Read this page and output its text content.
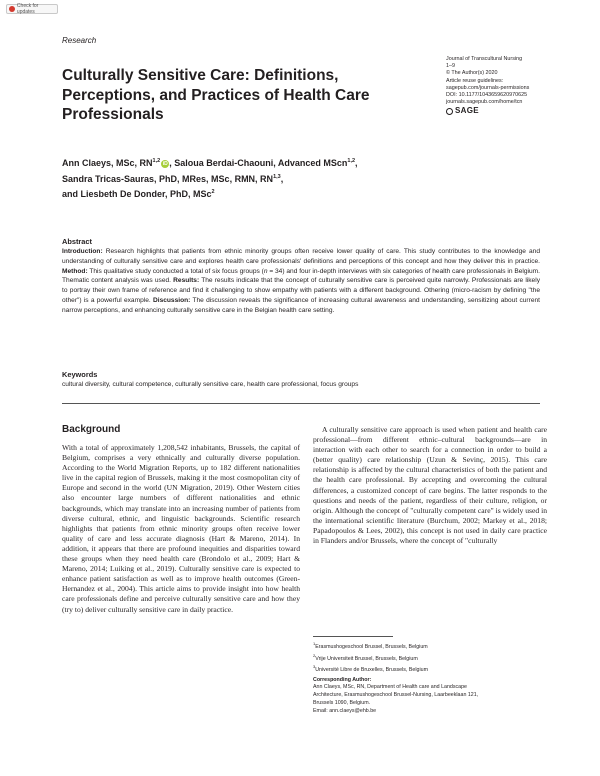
Check for updates
Research
Journal of Transcultural Nursing
1–9
© The Author(s) 2020
Article reuse guidelines:
sagepub.com/journals-permissions
DOI: 10.1177/1043659620970625
journals.sagepub.com/home/tcn
SAGE
Culturally Sensitive Care: Definitions, Perceptions, and Practices of Health Care Professionals
Ann Claeys, MSc, RN$^{1,2}$ iD , Saloua Berdai-Chaouni, Advanced MScn$^{1,2}$,
Sandra Tricas-Sauras, PhD, MRes, MSc, RMN, RN$^{1,3}$,
and Liesbeth De Donder, PhD, MSc$^2$
Abstract
Introduction: Research highlights that patients from ethnic minority groups often receive lower quality of care. This study contributes to the knowledge and understanding of culturally sensitive care and explores health care professionals' definitions and perceptions of this concept and how they deliver this in practice. Method: This qualitative study conducted a total of six focus groups (n = 34) and four in-depth interviews with six categories of health care professionals in Belgium. Thematic content analysis was used. Results: The results indicate that the concept of culturally sensitive care is perceived quite narrowly. Professionals are likely to portray their own frame of reference and find it challenging to show empathy with patients with a different background. Othering (micro-racism by defining "the other") is a powerful example. Discussion: The discussion reveals the significance of increasing cultural awareness and understanding, sensitizing about current narrow perceptions, and enhancing culturally sensitive care in the Belgian health care setting.
Keywords
cultural diversity, cultural competence, culturally sensitive care, health care professional, focus groups
Background
With a total of approximately 1,208,542 inhabitants, Brussels, the capital of Belgium, comprises a very ethnically and culturally diverse population. According to the World Migration Reports, up to 182 different nationalities live in the capital region of Brussels, making it the most cosmopolitan city of Europe and second in the world (UN Migration, 2019). Other Western cities also encounter large numbers of different nationalities and ethnic backgrounds, which may translate into an increasing number of patients from diverse cultural, ethnic, and linguistic backgrounds. Scientific research highlights that patients from ethnic minority groups often receive lower quality of care and less accurate diagnosis (Hart & Mareno, 2014). In addition, it appears that there are profound inequities and disparities toward these groups when they need health care (Brondolo et al., 2009; Hart & Mareno, 2014; Luiking et al., 2019). Culturally sensitive care is expected to enhance patient satisfaction as well as to improve health outcomes (Green-Hernandez et al., 2004). This article aims to provide insight into how health care professionals define and perceive culturally sensitive care and how they (try to) deliver culturally sensitive care in daily practice.
A culturally sensitive care approach is used when patient and health care professional—from different ethnic–cultural backgrounds—are in interaction with each other to search for a connection in order to build a (better quality) care relationship (Uzun & Sevinç, 2015). This care relationship is affected by the cultural characteristics of both the patient and the health care professional. By accepting and overcoming the cultural differences, a customized concept of care begins. The latter responds to the questions and needs of the patient, regardless of their culture, religion, or origin. Although the concept of "culturally competent care" is widely used in the international scientific literature (Burchum, 2002; Markey et al., 2018; Papadopoulos & Lees, 2002), this concept is not used in daily care practice in Flanders and/or Brussels, where the concept of "culturally
$^1$Erasmushogeschool Brussel, Brussels, Belgium
$^2$Vrije Universiteit Brussel, Brussels, Belgium
$^3$Université Libre de Bruxelles, Brussels, Belgium
Corresponding Author:
Ann Claeys, MSc, RN, Department of Health care and Landscape
Architecture, Erasmushogeschool Brussel-Nursing, Laarbeeklaan 121,
Brussels 1090, Belgium.
Email: ann.claeys@ehb.be
